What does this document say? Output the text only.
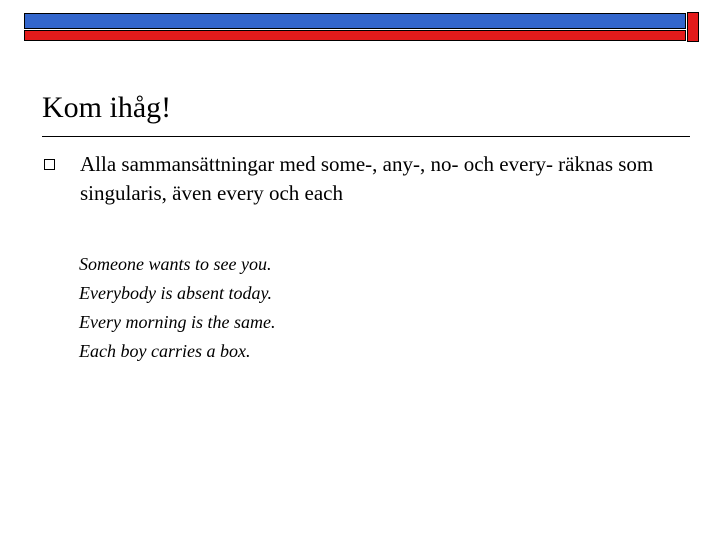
Kom ihåg!

Alla sammansättningar med some-, any-, no- och every- räknas som singularis, även every och each

Someone wants to see you.
Everybody is absent today.
Every morning is the same.
Each boy carries a box.
